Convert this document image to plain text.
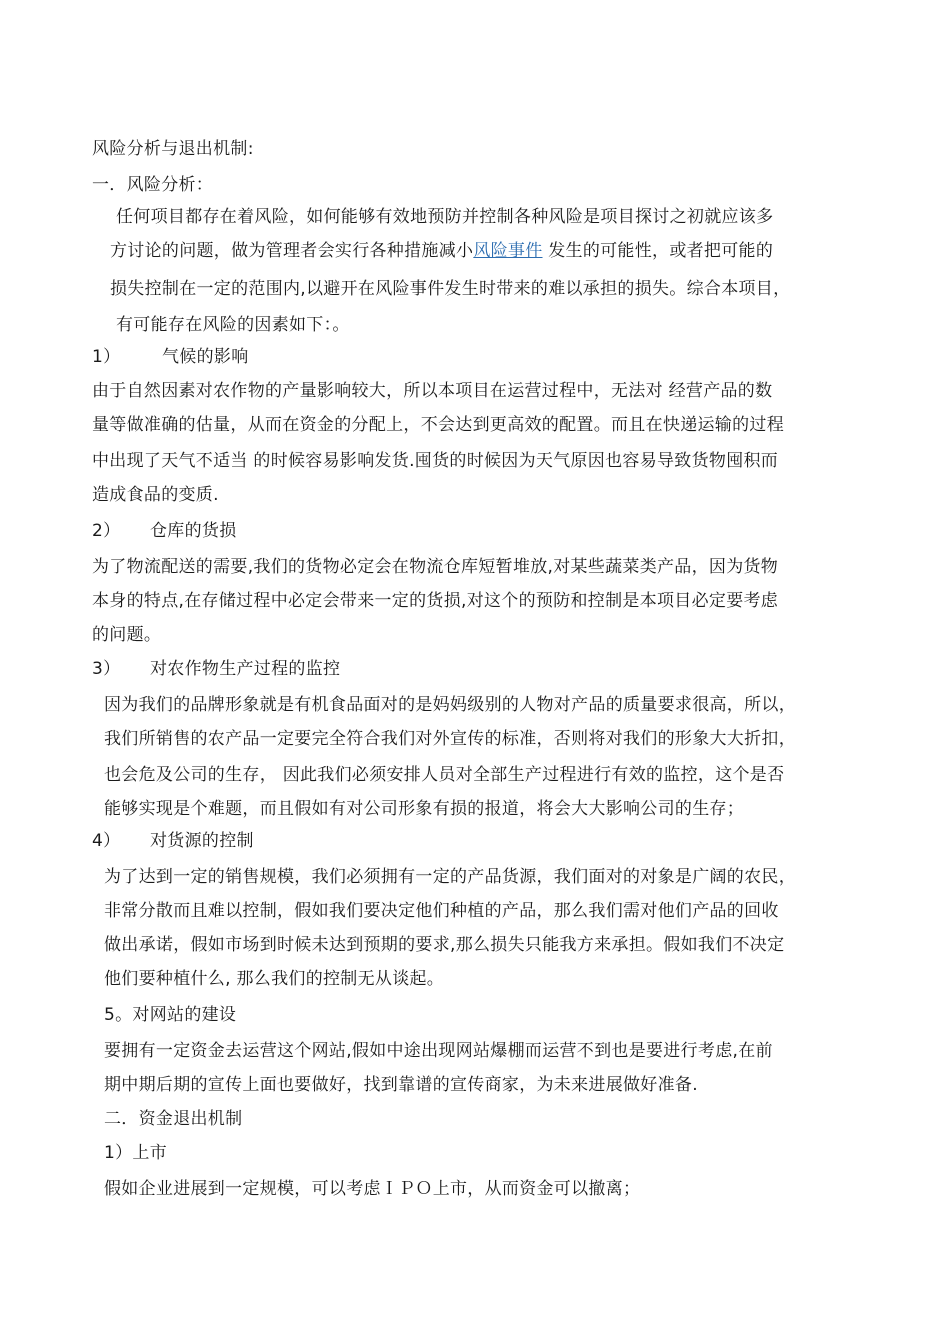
风险分析与退出机制:
一．风险分析：
任何项目都存在着风险，如何能够有效地预防并控制各种风险是项目探讨之初就应该多
方讨论的问题，做为管理者会实行各种措施减小风险事件 发生的可能性，或者把可能的
损失控制在一定的范围内,以避开在风险事件发生时带来的难以承担的损失。综合本项目，
有可能存在风险的因素如下：。
1） 气候的影响
由于自然因素对农作物的产量影响较大，所以本项目在运营过程中，无法对 经营产品的数
量等做准确的估量，从而在资金的分配上，不会达到更高效的配置。而且在快递运输的过程
中出现了天气不适当 的时候容易影响发货.囤货的时候因为天气原因也容易导致货物囤积而
造成食品的变质.
2） 仓库的货损
为了物流配送的需要,我们的货物必定会在物流仓库短暂堆放,对某些蔬菜类产品，因为货物
本身的特点,在存储过程中必定会带来一定的货损,对这个的预防和控制是本项目必定要考虑
的问题。
3） 对农作物生产过程的监控
因为我们的品牌形象就是有机食品面对的是妈妈级别的人物对产品的质量要求很高，所以，
我们所销售的农产品一定要完全符合我们对外宣传的标准，否则将对我们的形象大大折扣，
也会危及公司的生存， 因此我们必须安排人员对全部生产过程进行有效的监控，这个是否
能够实现是个难题，而且假如有对公司形象有损的报道，将会大大影响公司的生存；
4） 对货源的控制
为了达到一定的销售规模，我们必须拥有一定的产品货源，我们面对的对象是广阔的农民，
非常分散而且难以控制，假如我们要决定他们种植的产品，那么我们需对他们产品的回收
做出承诺，假如市场到时候未达到预期的要求,那么损失只能我方来承担。假如我们不决定
他们要种植什么, 那么我们的控制无从谈起。
5。对网站的建设
要拥有一定资金去运营这个网站,假如中途出现网站爆棚而运营不到也是要进行考虑,在前
期中期后期的宣传上面也要做好，找到靠谱的宣传商家，为未来进展做好准备.
二．资金退出机制
1）上市
假如企业进展到一定规模，可以考虑ＩＰＯ上市，从而资金可以撤离；
